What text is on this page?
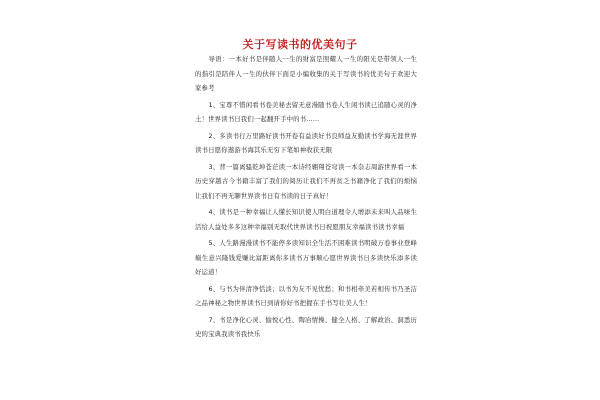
关于写读书的优美句子

导语：一本好书是伴随人一生的财富是照耀人一生的阳光是带领人一生的指引是陪伴人一生的伙伴下面是小编收集的关于写读书的优美句子欢迎大家参考

1、宝尊不惜闲看书卷美秘去留无意漫随书卷人生闲书读已追随心灵的净土！世界读书日我们一起翻开手中的书……

2、多读书行万里路好读书开卷有益读好书良师益友勤读书学海无涯世界读书日愿你遨游书海其乐无穷下笔如神收获无限

3、背一篇离骚乾坤苍茫读一本诗经翱翔苍穹读一本杂志周游世界看一本历史穿越古今书籍丰富了我们的阅历让我们不再贫乏书籍净化了我们的烦恼让我们不再无聊世界读书日有书读的日子真好！

4、读书是一种幸福让人懂长知识使人明白道理令人增添未来叫人品味生活给人益处多多这种幸福别无取代世界读书日祝愿朋友幸福读书读书幸福

5、人生路漫漫读书不能停多读知识全生活不困难读书明破万卷事业登峰巅生意兴隆钱爱赚比富距离你多读书万事顺心愿世界读书日多读快乐添多读好运道！

6、与书为伴清净恬淡；以书为友不见忧愁；和书相牵美若相传书乃圣洁之品神秘之物世界读书日到请你好书把握在手书写壮美人生！

7、书是净化心灵、愉悦心性、陶冶情操、健全人格、了解政治、洞悉历史的宝典我读书我快乐
